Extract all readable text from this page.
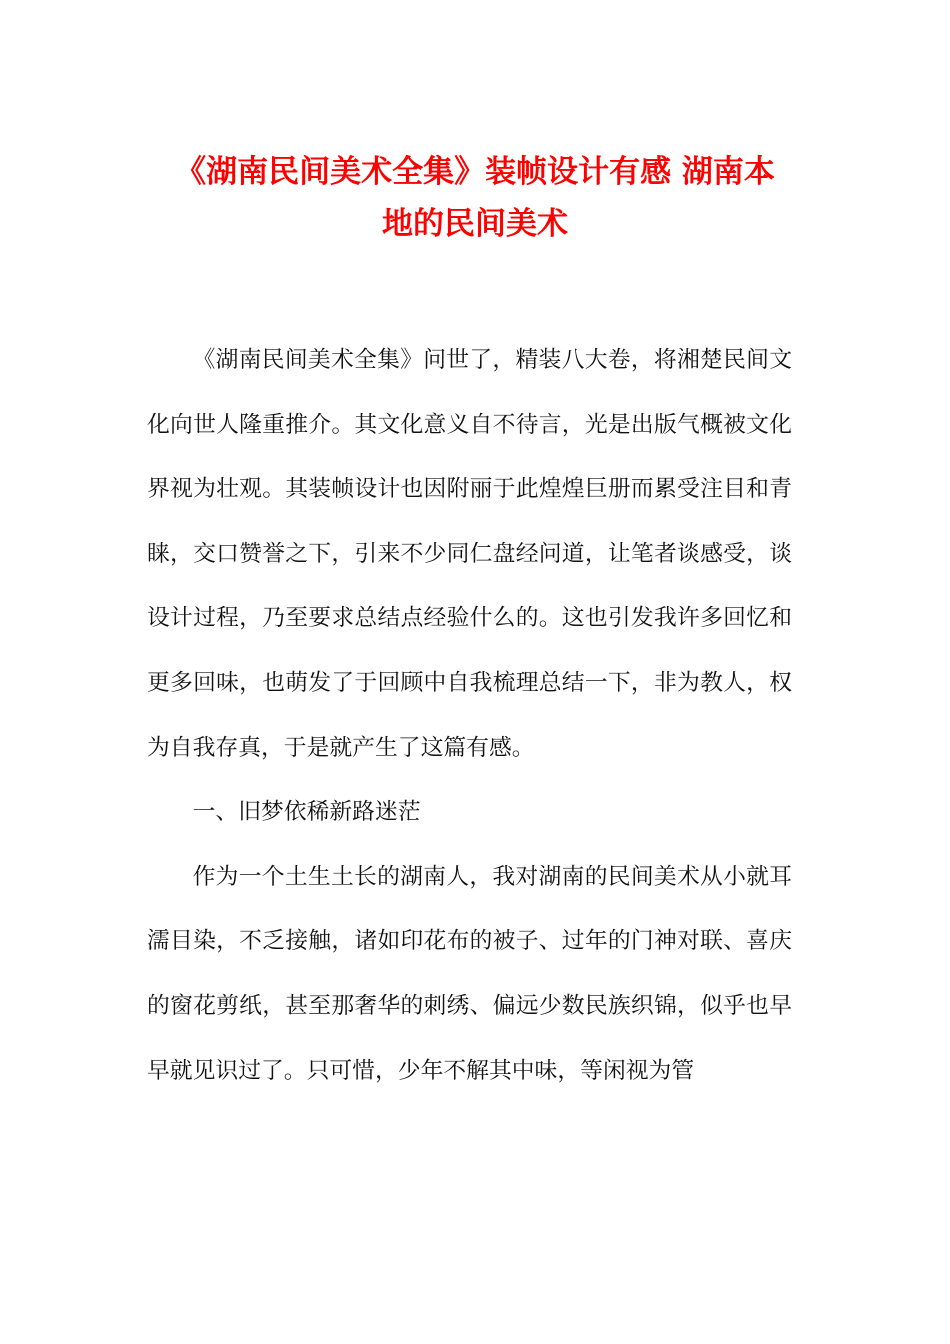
《湖南民间美术全集》装帧设计有感 湖南本
地的民间美术

《湖南民间美术全集》问世了，精装八大卷，将湘楚民间文化向世人隆重推介。其文化意义自不待言，光是出版气概被文化界视为壮观。其装帧设计也因附丽于此煌煌巨册而累受注目和青睐，交口赞誉之下，引来不少同仁盘经问道，让笔者谈感受，谈设计过程，乃至要求总结点经验什么的。这也引发我许多回忆和更多回味，也萌发了于回顾中自我梳理总结一下，非为教人，权为自我存真，于是就产生了这篇有感。

一、旧梦依稀新路迷茫

作为一个土生土长的湖南人，我对湖南的民间美术从小就耳濡目染，不乏接触，诸如印花布的被子、过年的门神对联、喜庆的窗花剪纸，甚至那奢华的刺绣、偏远少数民族织锦，似乎也早早就见识过了。只可惜，少年不解其中味，等闲视为管
